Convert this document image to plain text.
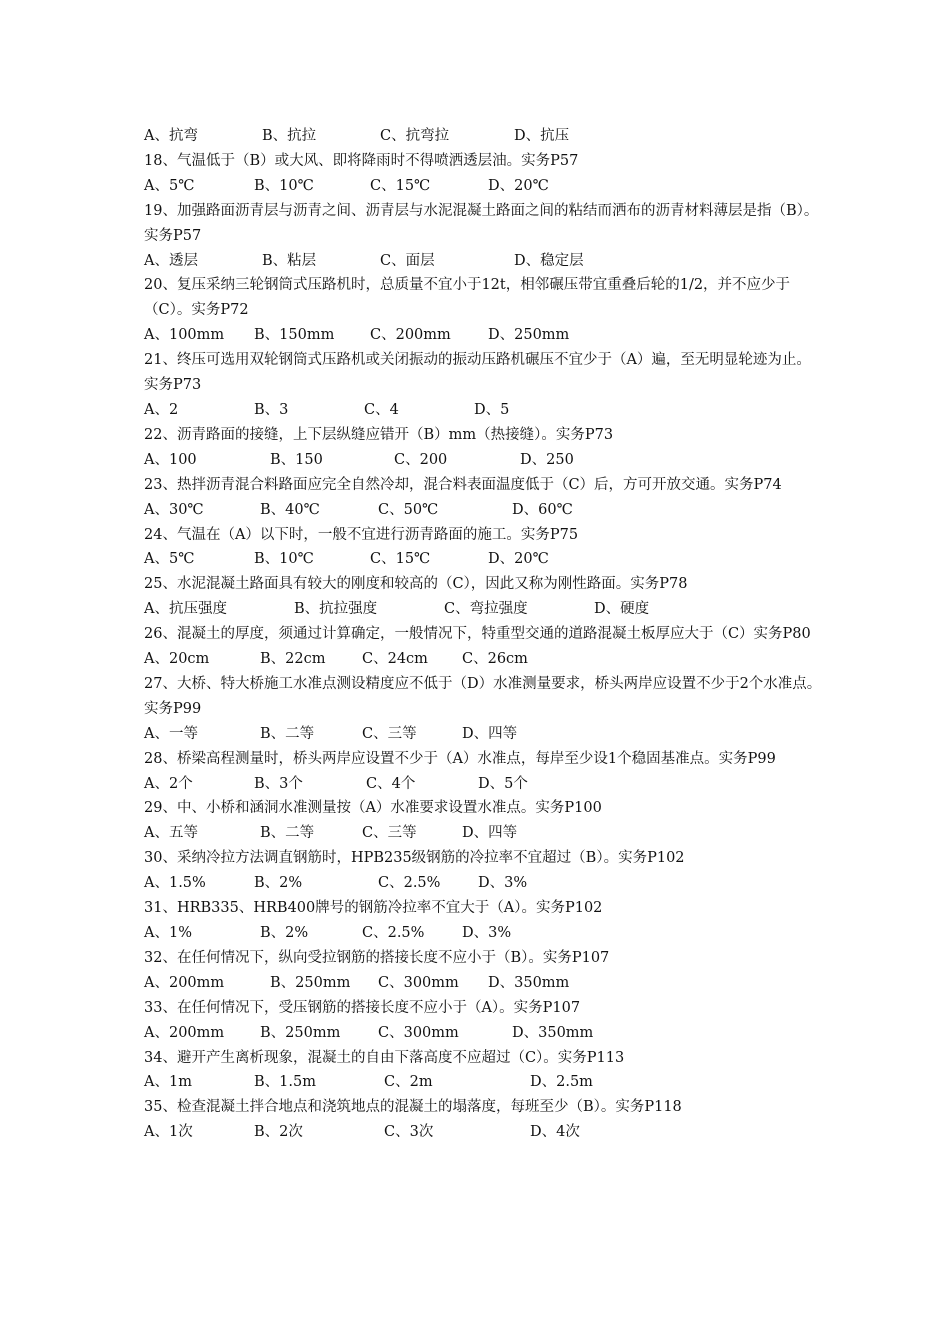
A、抗弯	B、抗拉	C、抗弯拉	D、抗压
18、气温低于（B）或大风、即将降雨时不得喷洒透层油。实务P57
A、5℃	B、10℃	C、15℃	D、20℃
19、加强路面沥青层与沥青之间、沥青层与水泥混凝土路面之间的粘结而洒布的沥青材料薄层是指（B）。实务P57
A、透层	B、粘层	C、面层	D、稳定层
20、复压采纳三轮钢筒式压路机时，总质量不宜小于12t，相邻碾压带宜重叠后轮的1/2，并不应少于（C）。实务P72
A、100mm	B、150mm	C、200mm	D、250mm
21、终压可选用双轮钢筒式压路机或关闭振动的振动压路机碾压不宜少于（A）遍，至无明显轮迹为止。实务P73
A、2	B、3	C、4	D、5
22、沥青路面的接缝，上下层纵缝应错开（B）mm（热接缝）。实务P73
A、100	B、150	C、200	D、250
23、热拌沥青混合料路面应完全自然冷却，混合料表面温度低于（C）后，方可开放交通。实务P74
A、30℃	B、40℃	C、50℃	D、60℃
24、气温在（A）以下时，一般不宜进行沥青路面的施工。实务P75
A、5℃	B、10℃	C、15℃	D、20℃
25、水泥混凝土路面具有较大的刚度和较高的（C），因此又称为刚性路面。实务P78
A、抗压强度	B、抗拉强度	C、弯拉强度	D、硬度
26、混凝土的厚度，须通过计算确定，一般情况下，特重型交通的道路混凝土板厚应大于（C）实务P80
A、20cm	B、22cm	C、24cm	C、26cm
27、大桥、特大桥施工水准点测设精度应不低于（D）水准测量要求，桥头两岸应设置不少于2个水准点。实务P99
A、一等	B、二等	C、三等	D、四等
28、桥梁高程测量时，桥头两岸应设置不少于（A）水准点，每岸至少设1个稳固基准点。实务P99
A、2个	B、3个	C、4个	D、5个
29、中、小桥和涵洞水准测量按（A）水准要求设置水准点。实务P100
A、五等	B、二等	C、三等	D、四等
30、采纳冷拉方法调直钢筋时，HPB235级钢筋的冷拉率不宜超过（B）。实务P102
A、1.5%	B、2%	C、2.5%	D、3%
31、HRB335、HRB400牌号的钢筋冷拉率不宜大于（A）。实务P102
A、1%	B、2%	C、2.5%	D、3%
32、在任何情况下，纵向受拉钢筋的搭接长度不应小于（B）。实务P107
A、200mm	B、250mm	C、300mm	D、350mm
33、在任何情况下，受压钢筋的搭接长度不应小于（A）。实务P107
A、200mm	B、250mm	C、300mm	D、350mm
34、避开产生离析现象，混凝土的自由下落高度不应超过（C）。实务P113
A、1m	B、1.5m	C、2m	D、2.5m
35、检查混凝土拌合地点和浇筑地点的混凝土的塌落度，每班至少（B）。实务P118
A、1次	B、2次	C、3次	D、4次
